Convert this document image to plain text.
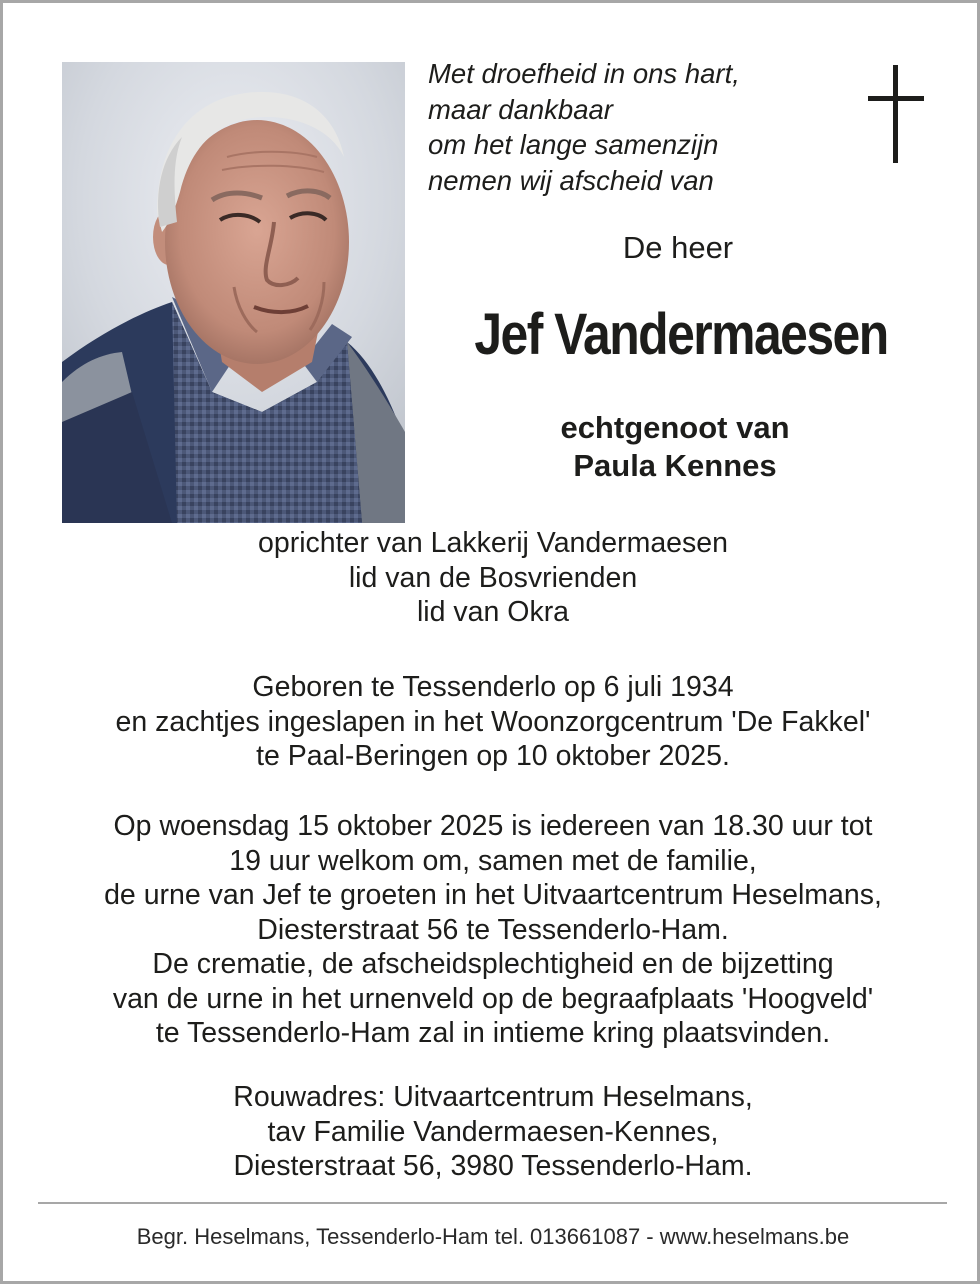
Met droefheid in ons hart,
maar dankbaar
om het lange samenzijn
nemen wij afscheid van
De heer
Jef Vandermaesen
echtgenoot van
Paula Kennes
oprichter van Lakkerij Vandermaesen
lid van de Bosvrienden
lid van Okra
Geboren te Tessenderlo op 6 juli 1934
en zachtjes ingeslapen in het Woonzorgcentrum 'De Fakkel'
te Paal-Beringen op 10 oktober 2025.
Op woensdag 15 oktober 2025 is iedereen van 18.30 uur tot
19 uur welkom om, samen met de familie,
de urne van Jef te groeten in het Uitvaartcentrum Heselmans,
Diesterstraat 56 te Tessenderlo-Ham.
De crematie, de afscheidsplechtigheid en de bijzetting
van de urne in het urnenveld op de begraafplaats 'Hoogveld'
te Tessenderlo-Ham zal in intieme kring plaatsvinden.
Rouwadres: Uitvaartcentrum Heselmans,
tav Familie Vandermaesen-Kennes,
Diesterstraat 56, 3980 Tessenderlo-Ham.
Begr. Heselmans, Tessenderlo-Ham tel. 013661087 - www.heselmans.be
